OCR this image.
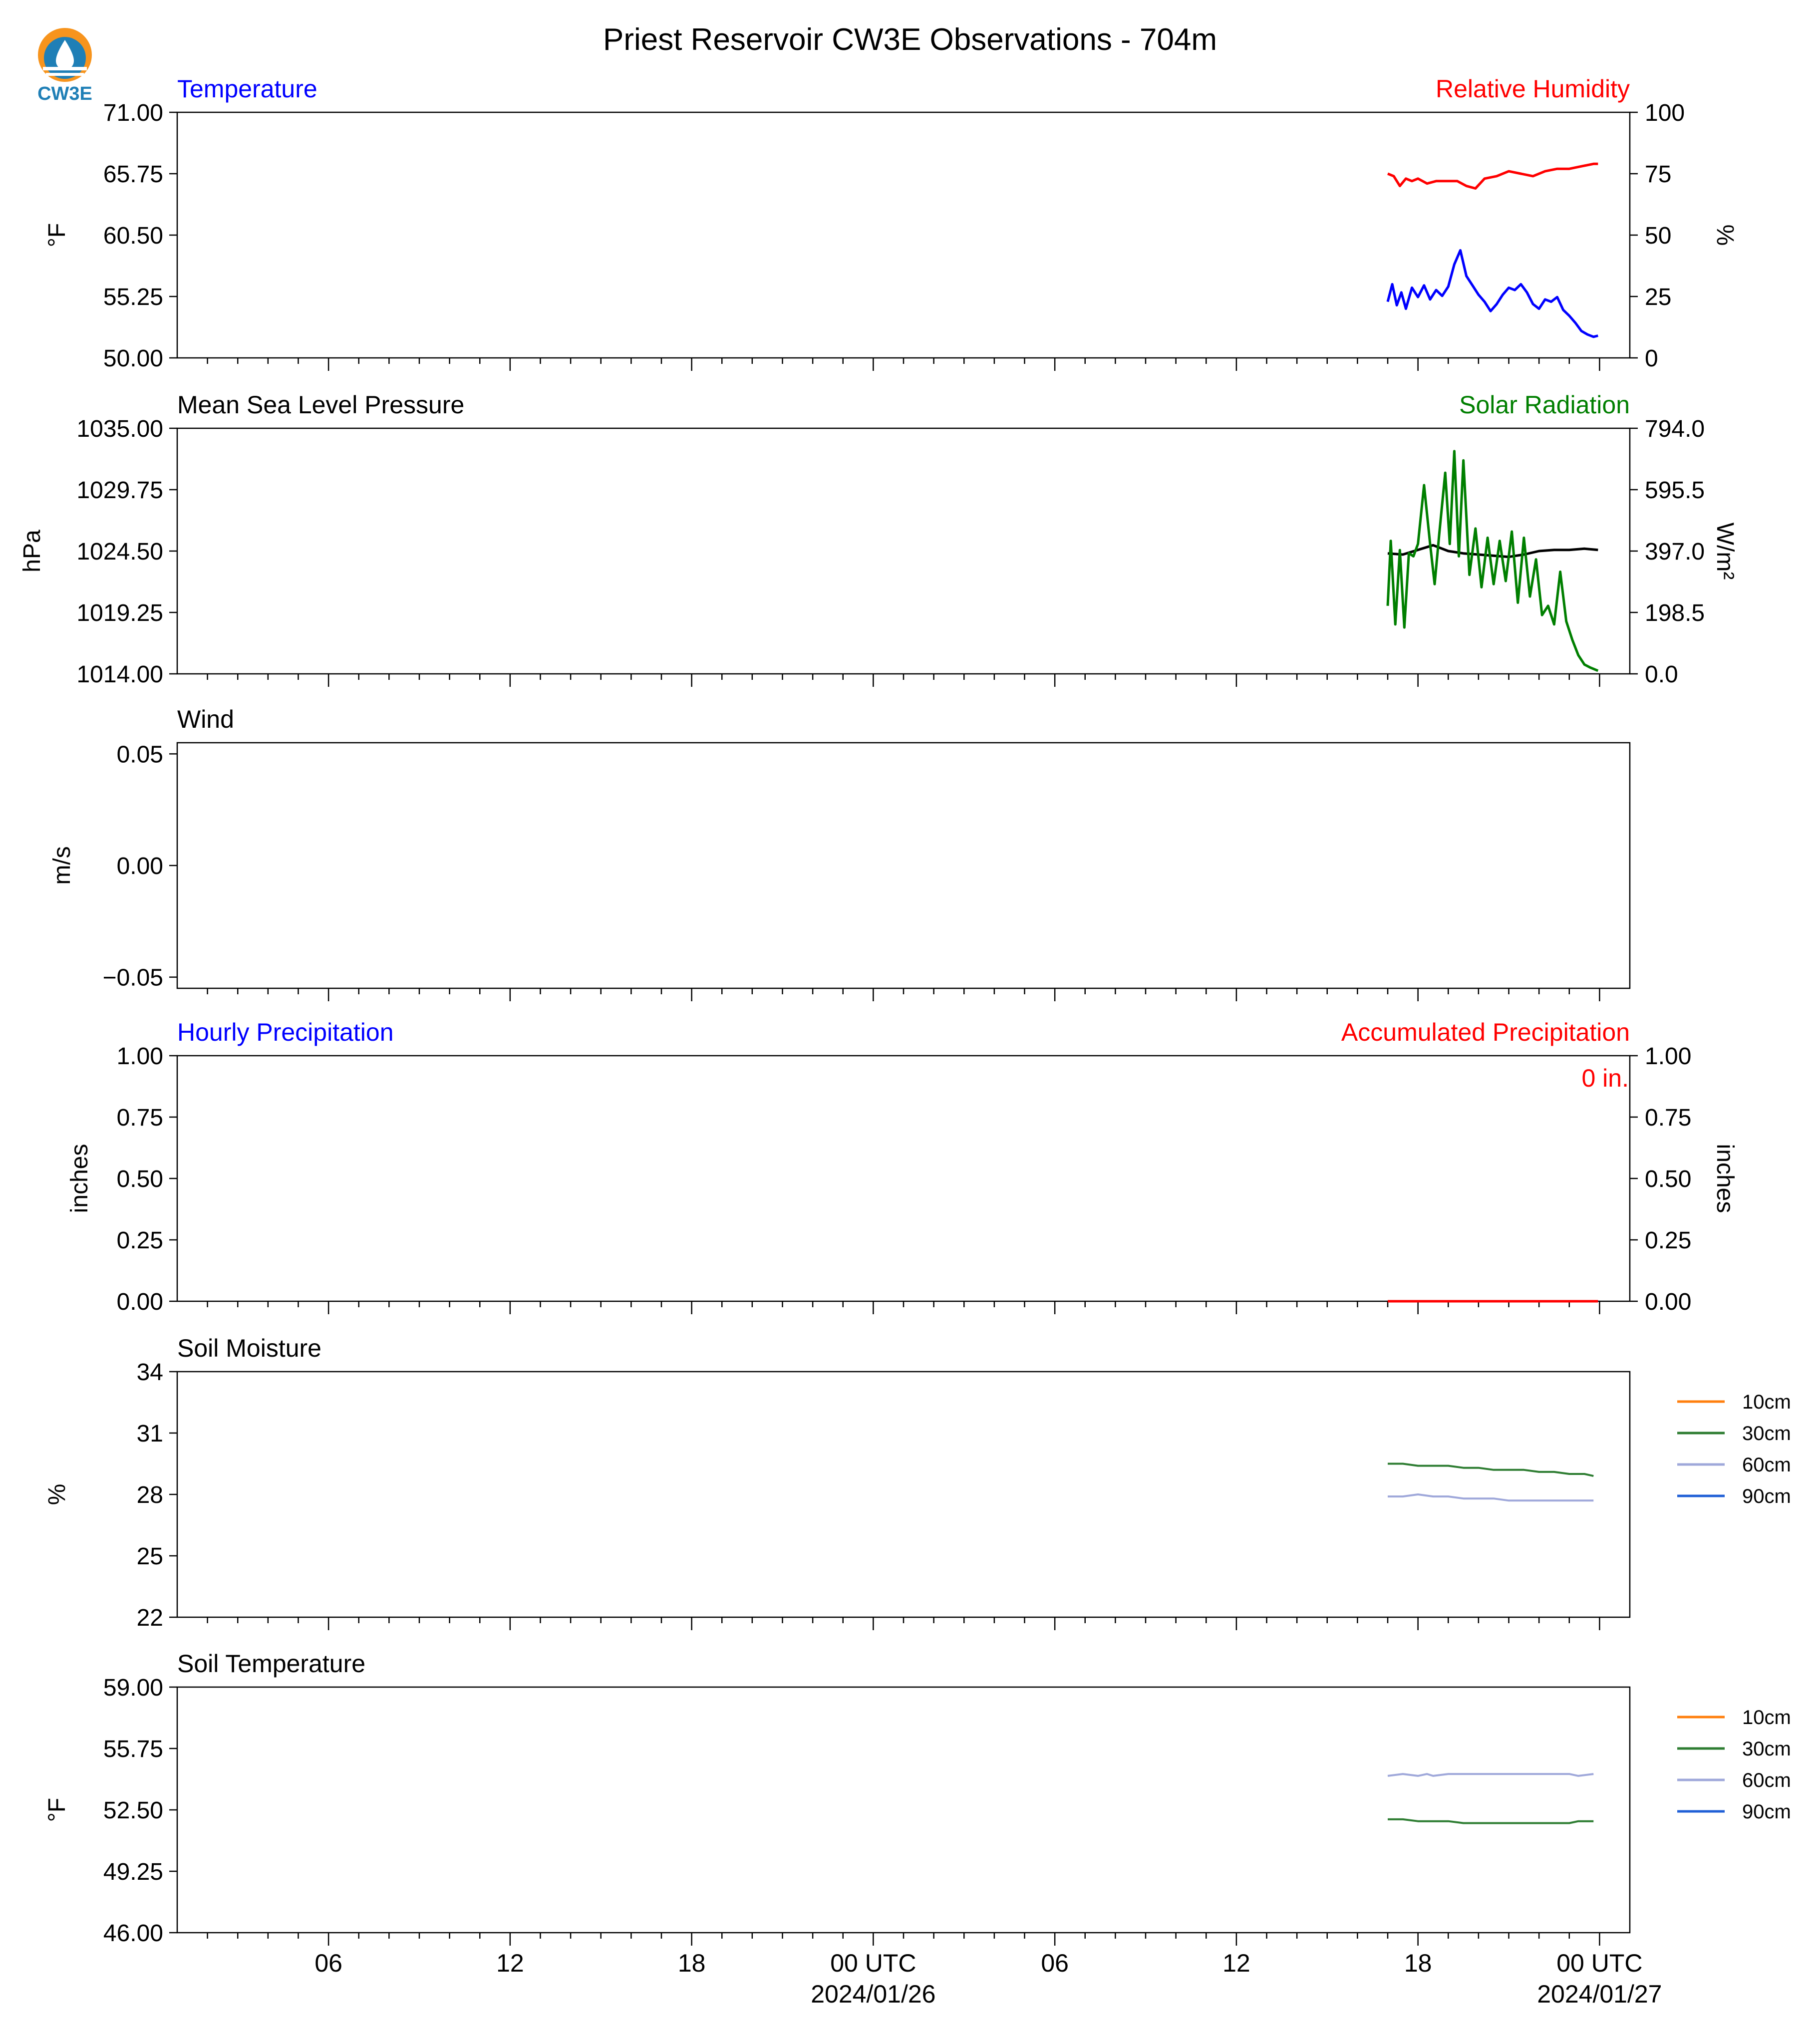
Priest Reservoir CW3E Observations - 704m
CW3E	Temperature	Relative Humidity
71.00
65.75
60.50
55.25
50.00
°F
100
75
50
25
0
%
Mean Sea Level Pressure	Solar Radiation
1035.00
1029.75
1024.50
1019.25
1014.00
hPa
794.0
595.5
397.0
198.5
0.0
W/m²
Wind
0.05
0.00
−0.05
m/s
Hourly Precipitation	Accumulated Precipitation
1.00
0.75
0.50
0.25
0.00
inches
1.00
0.75
0.50
0.25
0.00
inches
0 in.
Soil Moisture
34
31
28
25
22
%
10cm
30cm
60cm
90cm
Soil Temperature
59.00
55.75
52.50
49.25
46.00
°F
10cm
30cm
60cm
90cm
06	12	18	00 UTC	06	12	18	00 UTC
2024/01/26	2024/01/27
